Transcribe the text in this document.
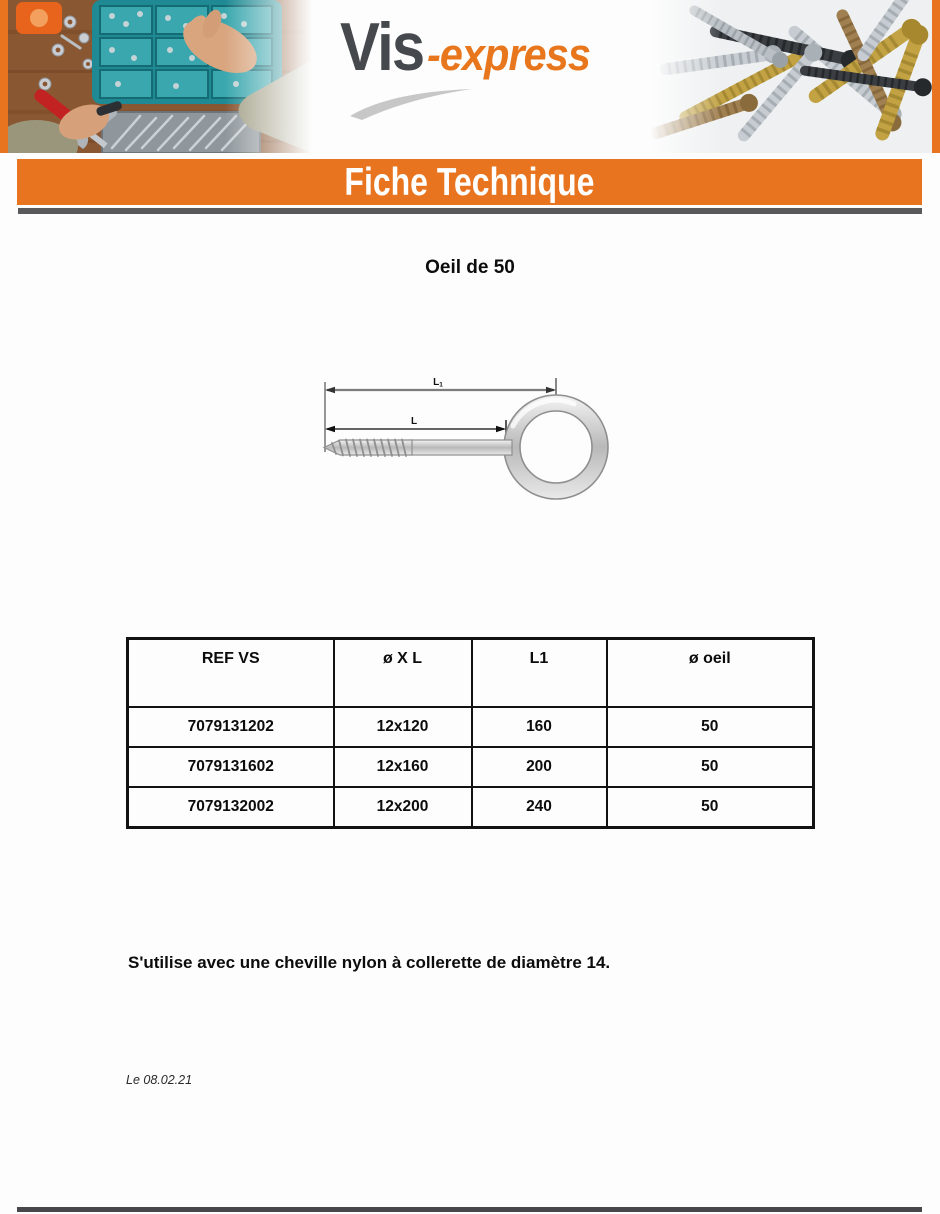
Vis-express
Fiche Technique
Oeil de 50
L1
L
REF VS	ø X L	L1	ø oeil
7079131202	12x120	160	50
7079131602	12x160	200	50
7079132002	12x200	240	50
S'utilise avec une cheville nylon à collerette de diamètre 14.
Le 08.02.21
